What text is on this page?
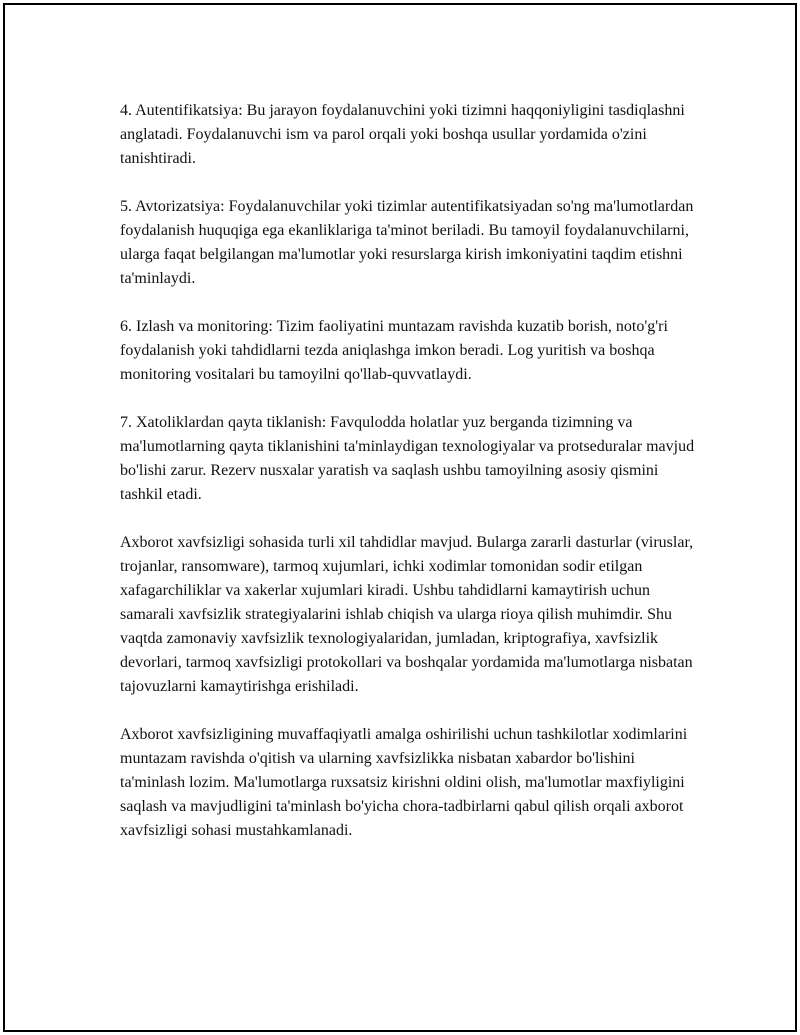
4. Autentifikatsiya: Bu jarayon foydalanuvchini yoki tizimni haqqoniyligini tasdiqlashni anglatadi. Foydalanuvchi ism va parol orqali yoki boshqa usullar yordamida o'zini tanishtiradi.

5. Avtorizatsiya: Foydalanuvchilar yoki tizimlar autentifikatsiyadan so'ng ma'lumotlardan foydalanish huquqiga ega ekanliklariga ta'minot beriladi. Bu tamoyil foydalanuvchilarni, ularga faqat belgilangan ma'lumotlar yoki resurslarga kirish imkoniyatini taqdim etishni ta'minlaydi.

6. Izlash va monitoring: Tizim faoliyatini muntazam ravishda kuzatib borish, noto'g'ri foydalanish yoki tahdidlarni tezda aniqlashga imkon beradi. Log yuritish va boshqa monitoring vositalari bu tamoyilni qo'llab-quvvatlaydi.

7. Xatoliklardan qayta tiklanish: Favqulodda holatlar yuz berganda tizimning va ma'lumotlarning qayta tiklanishini ta'minlaydigan texnologiyalar va protseduralar mavjud bo'lishi zarur. Rezerv nusxalar yaratish va saqlash ushbu tamoyilning asosiy qismini tashkil etadi.

Axborot xavfsizligi sohasida turli xil tahdidlar mavjud. Bularga zararli dasturlar (viruslar, trojanlar, ransomware), tarmoq xujumlari, ichki xodimlar tomonidan sodir etilgan xafagarchiliklar va xakerlar xujumlari kiradi. Ushbu tahdidlarni kamaytirish uchun samarali xavfsizlik strategiyalarini ishlab chiqish va ularga rioya qilish muhimdir. Shu vaqtda zamonaviy xavfsizlik texnologiyalaridan, jumladan, kriptografiya, xavfsizlik devorlari, tarmoq xavfsizligi protokollari va boshqalar yordamida ma'lumotlarga nisbatan tajovuzlarni kamaytirishga erishiladi.

Axborot xavfsizligining muvaffaqiyatli amalga oshirilishi uchun tashkilotlar xodimlarini muntazam ravishda o'qitish va ularning xavfsizlikka nisbatan xabardor bo'lishini ta'minlash lozim. Ma'lumotlarga ruxsatsiz kirishni oldini olish, ma'lumotlar maxfiyligini saqlash va mavjudligini ta'minlash bo'yicha chora-tadbirlarni qabul qilish orqali axborot xavfsizligi sohasi mustahkamlanadi.
